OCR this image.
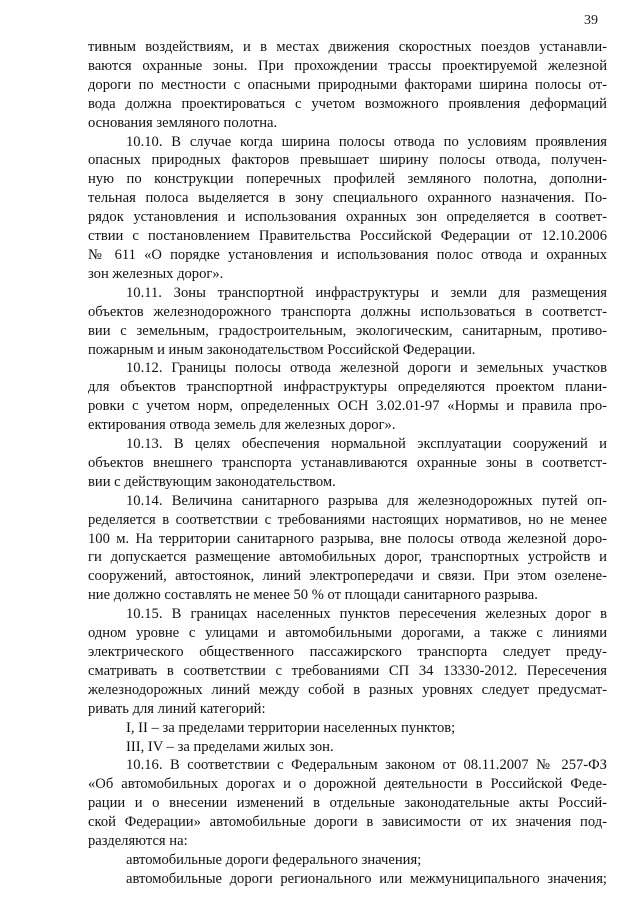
39
тивным воздействиям, и в местах движения скоростных поездов устанавли-
ваются охранные зоны. При прохождении трассы проектируемой железной
дороги по местности с опасными природными факторами ширина полосы от-
вода должна проектироваться с учетом возможного проявления деформаций
основания земляного полотна.
10.10. В случае когда ширина полосы отвода по условиям проявления
опасных природных факторов превышает ширину полосы отвода, получен-
ную по конструкции поперечных профилей земляного полотна, дополни-
тельная полоса выделяется в зону специального охранного назначения. По-
рядок установления и использования охранных зон определяется в соответ-
ствии с постановлением Правительства Российской Федерации от 12.10.2006
№ 611 «О порядке установления и использования полос отвода и охранных
зон железных дорог».
10.11. Зоны транспортной инфраструктуры и земли для размещения
объектов железнодорожного транспорта должны использоваться в соответст-
вии с земельным, градостроительным, экологическим, санитарным, противо-
пожарным и иным законодательством Российской Федерации.
10.12. Границы полосы отвода железной дороги и земельных участков
для объектов транспортной инфраструктуры определяются проектом плани-
ровки с учетом норм, определенных ОСН 3.02.01-97 «Нормы и правила про-
ектирования отвода земель для железных дорог».
10.13. В целях обеспечения нормальной эксплуатации сооружений и
объектов внешнего транспорта устанавливаются охранные зоны в соответст-
вии с действующим законодательством.
10.14. Величина санитарного разрыва для железнодорожных путей оп-
ределяется в соответствии с требованиями настоящих нормативов, но не менее
100 м. На территории санитарного разрыва, вне полосы отвода железной доро-
ги допускается размещение автомобильных дорог, транспортных устройств и
сооружений, автостоянок, линий электропередачи и связи. При этом озелене-
ние должно составлять не менее 50 % от площади санитарного разрыва.
10.15. В границах населенных пунктов пересечения железных дорог в
одном уровне с улицами и автомобильными дорогами, а также с линиями
электрического общественного пассажирского транспорта следует преду-
сматривать в соответствии с требованиями СП 34 13330-2012. Пересечения
железнодорожных линий между собой в разных уровнях следует предусмат-
ривать для линий категорий:
I, II – за пределами территории населенных пунктов;
III, IV – за пределами жилых зон.
10.16. В соответствии с Федеральным законом от 08.11.2007 № 257-ФЗ
«Об автомобильных дорогах и о дорожной деятельности в Российской Феде-
рации и о внесении изменений в отдельные законодательные акты Россий-
ской Федерации» автомобильные дороги в зависимости от их значения под-
разделяются на:
автомобильные дороги федерального значения;
автомобильные дороги регионального или межмуниципального значения;
